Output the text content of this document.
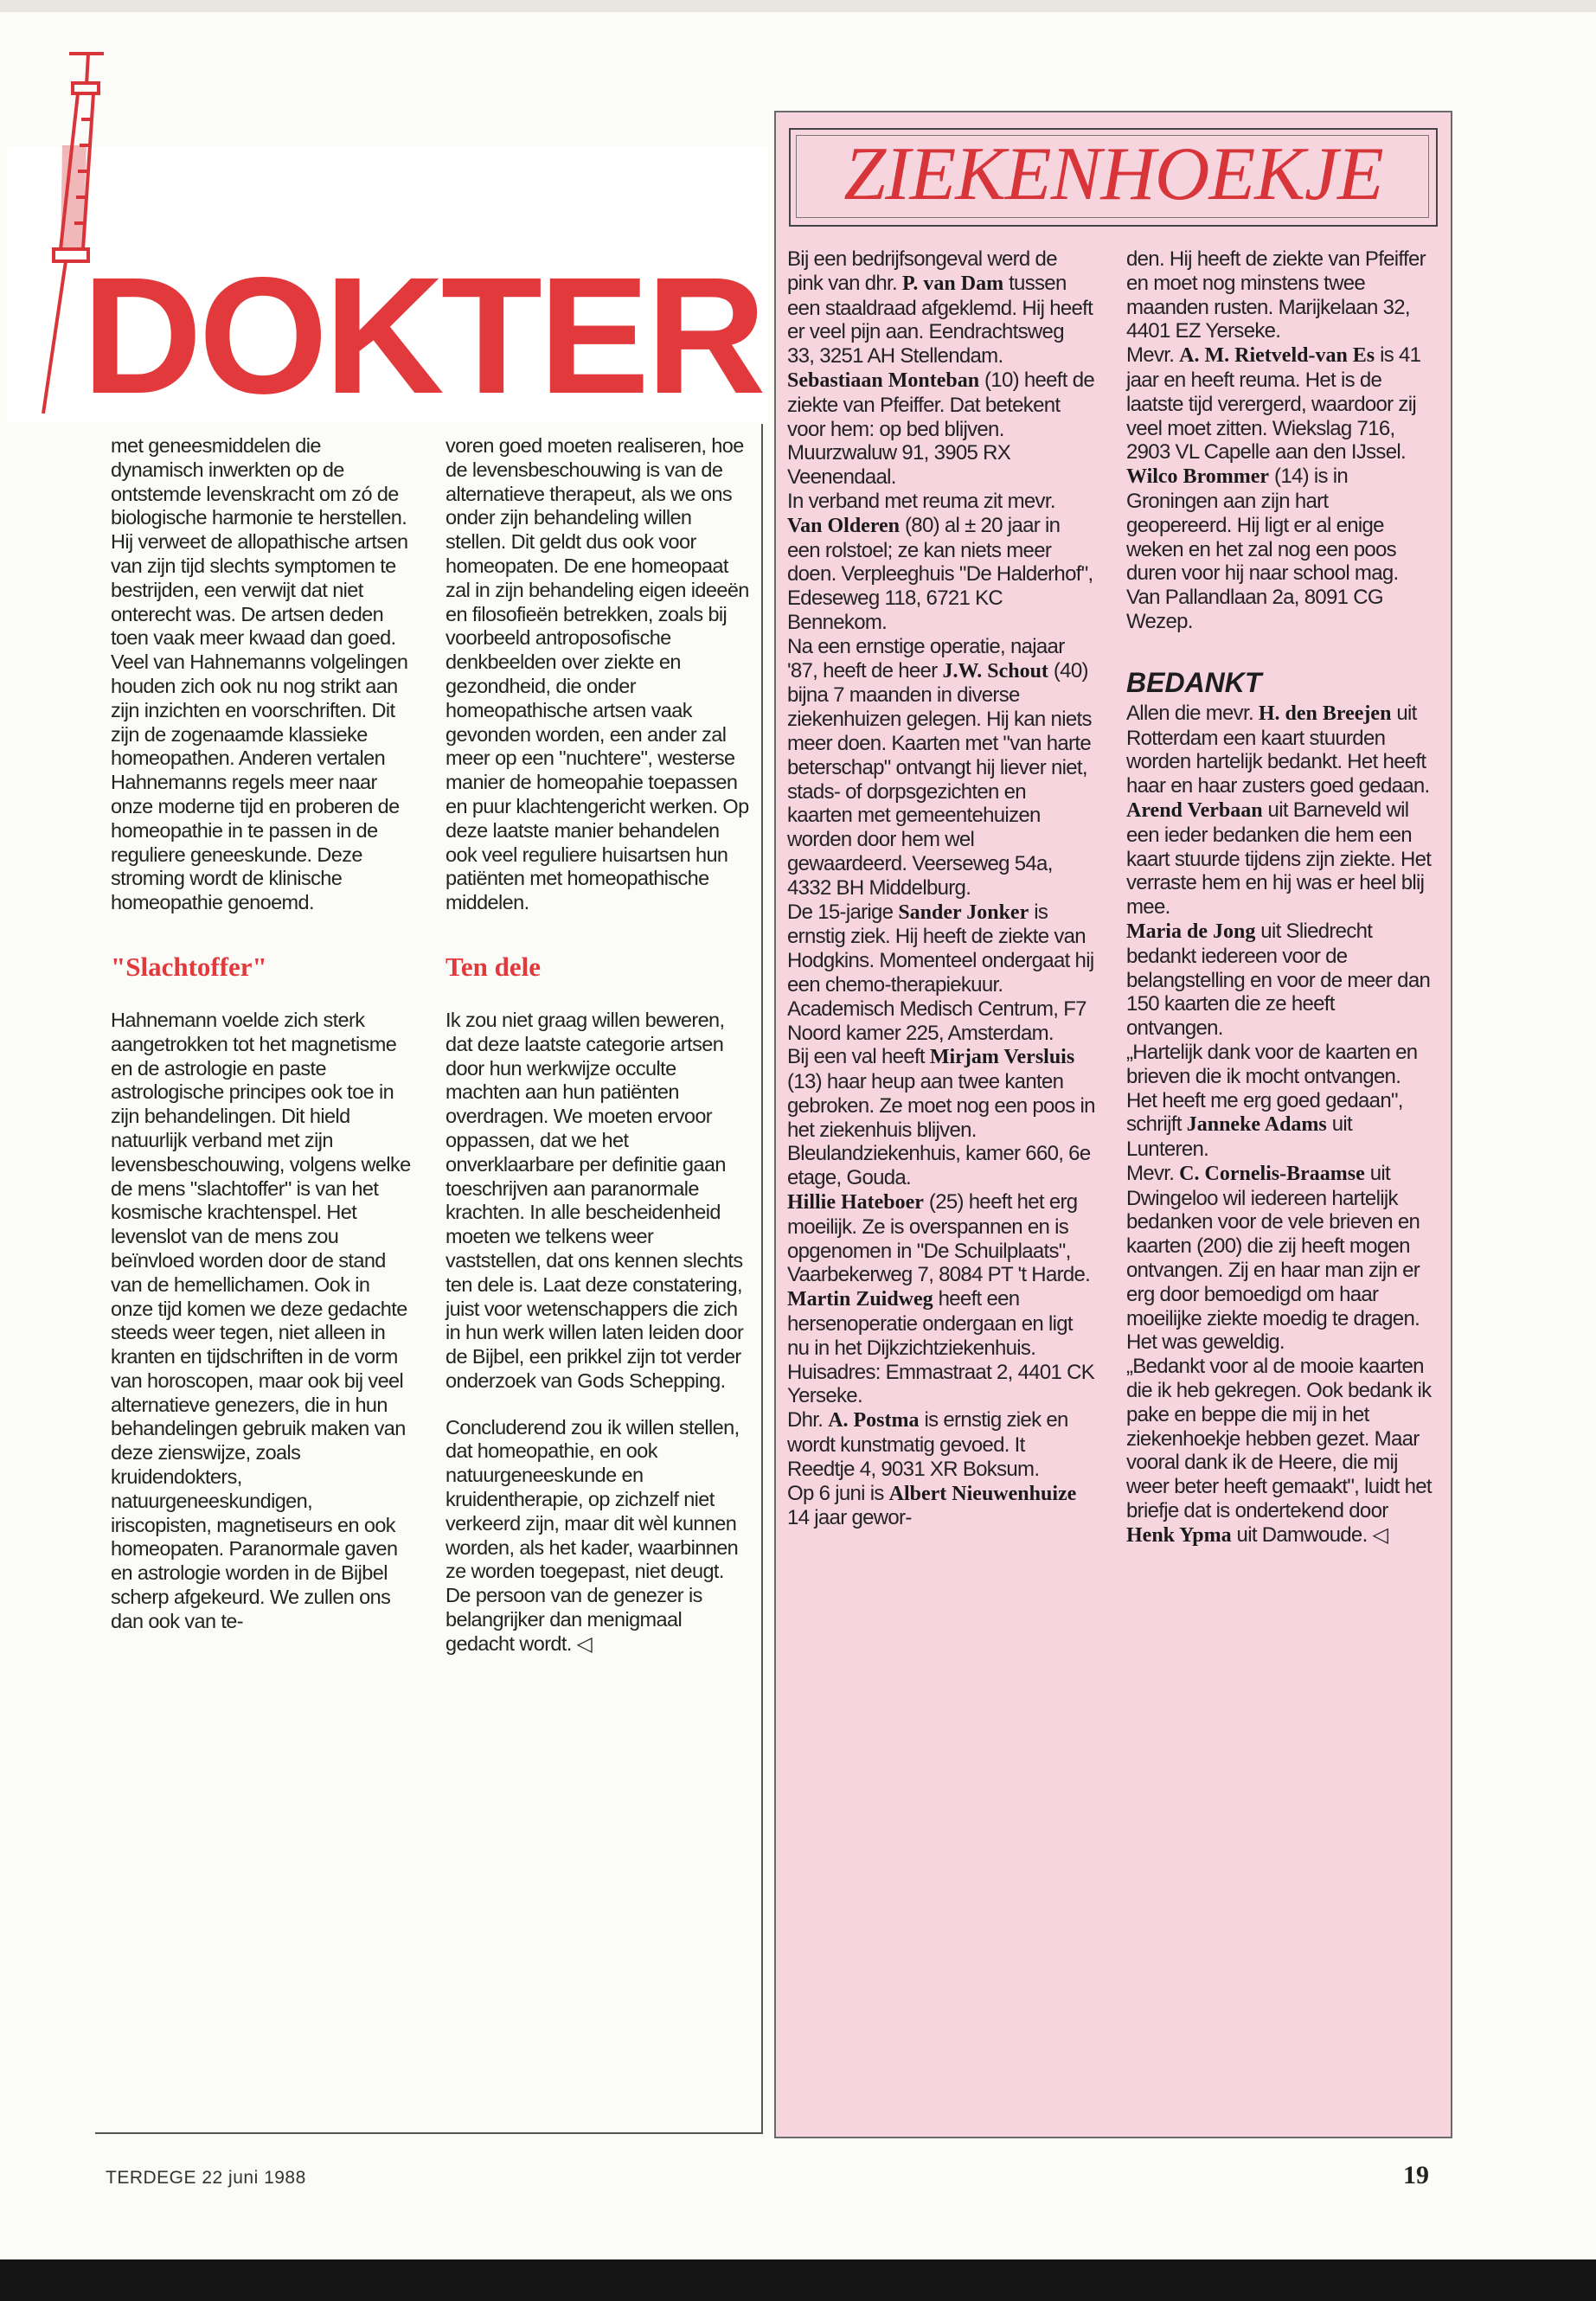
DOKTER

met geneesmiddelen die dynamisch inwerkten op de ontstemde levenskracht om zó de biologische harmonie te herstellen.

Hij verweet de allopathische artsen van zijn tijd slechts symptomen te bestrijden, een verwijt dat niet onterecht was. De artsen deden toen vaak meer kwaad dan goed. Veel van Hahnemanns volgelingen houden zich ook nu nog strikt aan zijn inzichten en voorschriften. Dit zijn de zogenaamde klassieke homeopathen. Anderen vertalen Hahnemanns regels meer naar onze moderne tijd en proberen de homeopathie in te passen in de reguliere geneeskunde. Deze stroming wordt de klinische homeopathie genoemd.

"Slachtoffer"

Hahnemann voelde zich sterk aangetrokken tot het magnetisme en de astrologie en paste astrologische principes ook toe in zijn behandelingen. Dit hield natuurlijk verband met zijn levensbeschouwing, volgens welke de mens "slachtoffer" is van het kosmische krachtenspel. Het levenslot van de mens zou beïnvloed worden door de stand van de hemellichamen. Ook in onze tijd komen we deze gedachte steeds weer tegen, niet alleen in kranten en tijdschriften in de vorm van horoscopen, maar ook bij veel alternatieve genezers, die in hun behandelingen gebruik maken van deze zienswijze, zoals kruidendokters, natuurgeneeskundigen, iriscopisten, magnetiseurs en ook homeopaten. Paranormale gaven en astrologie worden in de Bijbel scherp afgekeurd. We zullen ons dan ook van te-

voren goed moeten realiseren, hoe de levensbeschouwing is van de alternatieve therapeut, als we ons onder zijn behandeling willen stellen. Dit geldt dus ook voor homeopaten. De ene homeopaat zal in zijn behandeling eigen ideeën en filosofieën betrekken, zoals bij voorbeeld antroposofische denkbeelden over ziekte en gezondheid, die onder homeopathische artsen vaak gevonden worden, een ander zal meer op een "nuchtere", westerse manier de homeopahie toepassen en puur klachtengericht werken. Op deze laatste manier behandelen ook veel reguliere huisartsen hun patiënten met homeopathische middelen.

Ten dele

Ik zou niet graag willen beweren, dat deze laatste categorie artsen door hun werkwijze occulte machten aan hun patiënten overdragen. We moeten ervoor oppassen, dat we het onverklaarbare per definitie gaan toeschrijven aan paranormale krachten. In alle bescheidenheid moeten we telkens weer vaststellen, dat ons kennen slechts ten dele is. Laat deze constatering, juist voor wetenschappers die zich in hun werk willen laten leiden door de Bijbel, een prikkel zijn tot verder onderzoek van Gods Schepping.

Concluderend zou ik willen stellen, dat homeopathie, en ook natuurgeneeskunde en kruidentherapie, op zichzelf niet verkeerd zijn, maar dit wèl kunnen worden, als het kader, waarbinnen ze worden toegepast, niet deugt. De persoon van de genezer is belangrijker dan menigmaal gedacht wordt. ◁

ZIEKENHOEKJE

Bij een bedrijfsongeval werd de pink van dhr. P. van Dam tussen een staaldraad afgeklemd. Hij heeft er veel pijn aan. Eendrachtsweg 33, 3251 AH Stellendam.

Sebastiaan Monteban (10) heeft de ziekte van Pfeiffer. Dat betekent voor hem: op bed blijven. Muurzwaluw 91, 3905 RX Veenendaal.

In verband met reuma zit mevr. Van Olderen (80) al ± 20 jaar in een rolstoel; ze kan niets meer doen. Verpleeghuis "De Halderhof", Edeseweg 118, 6721 KC Bennekom.

Na een ernstige operatie, najaar '87, heeft de heer J.W. Schout (40) bijna 7 maanden in diverse ziekenhuizen gelegen. Hij kan niets meer doen. Kaarten met "van harte beterschap" ontvangt hij liever niet, stads- of dorpsgezichten en kaarten met gemeentehuizen worden door hem wel gewaardeerd. Veerseweg 54a, 4332 BH Middelburg.

De 15-jarige Sander Jonker is ernstig ziek. Hij heeft de ziekte van Hodgkins. Momenteel ondergaat hij een chemo-therapiekuur. Academisch Medisch Centrum, F7 Noord kamer 225, Amsterdam.

Bij een val heeft Mirjam Versluis (13) haar heup aan twee kanten gebroken. Ze moet nog een poos in het ziekenhuis blijven. Bleulandziekenhuis, kamer 660, 6e etage, Gouda.

Hillie Hateboer (25) heeft het erg moeilijk. Ze is overspannen en is opgenomen in "De Schuilplaats", Vaarbekerweg 7, 8084 PT 't Harde.

Martin Zuidweg heeft een hersenoperatie ondergaan en ligt nu in het Dijkzichtziekenhuis. Huisadres: Emmastraat 2, 4401 CK Yerseke.

Dhr. A. Postma is ernstig ziek en wordt kunstmatig gevoed. It Reedtje 4, 9031 XR Boksum.

Op 6 juni is Albert Nieuwenhuize 14 jaar gewor-

den. Hij heeft de ziekte van Pfeiffer en moet nog minstens twee maanden rusten. Marijkelaan 32, 4401 EZ Yerseke.

Mevr. A. M. Rietveld-van Es is 41 jaar en heeft reuma. Het is de laatste tijd verergerd, waardoor zij veel moet zitten. Wiekslag 716, 2903 VL Capelle aan den IJssel.

Wilco Brommer (14) is in Groningen aan zijn hart geopereerd. Hij ligt er al enige weken en het zal nog een poos duren voor hij naar school mag. Van Pallandlaan 2a, 8091 CG Wezep.

BEDANKT

Allen die mevr. H. den Breejen uit Rotterdam een kaart stuurden worden hartelijk bedankt. Het heeft haar en haar zusters goed gedaan.

Arend Verbaan uit Barneveld wil een ieder bedanken die hem een kaart stuurde tijdens zijn ziekte. Het verraste hem en hij was er heel blij mee.

Maria de Jong uit Sliedrecht bedankt iedereen voor de belangstelling en voor de meer dan 150 kaarten die ze heeft ontvangen.

„Hartelijk dank voor de kaarten en brieven die ik mocht ontvangen. Het heeft me erg goed gedaan", schrijft Janneke Adams uit Lunteren.

Mevr. C. Cornelis-Braamse uit Dwingeloo wil iedereen hartelijk bedanken voor de vele brieven en kaarten (200) die zij heeft mogen ontvangen. Zij en haar man zijn er erg door bemoedigd om haar moeilijke ziekte moedig te dragen. Het was geweldig.

„Bedankt voor al de mooie kaarten die ik heb gekregen. Ook bedank ik pake en beppe die mij in het ziekenhoekje hebben gezet. Maar vooral dank ik de Heere, die mij weer beter heeft gemaakt", luidt het briefje dat is ondertekend door Henk Ypma uit Damwoude. ◁

TERDEGE 22 juni 1988	19
